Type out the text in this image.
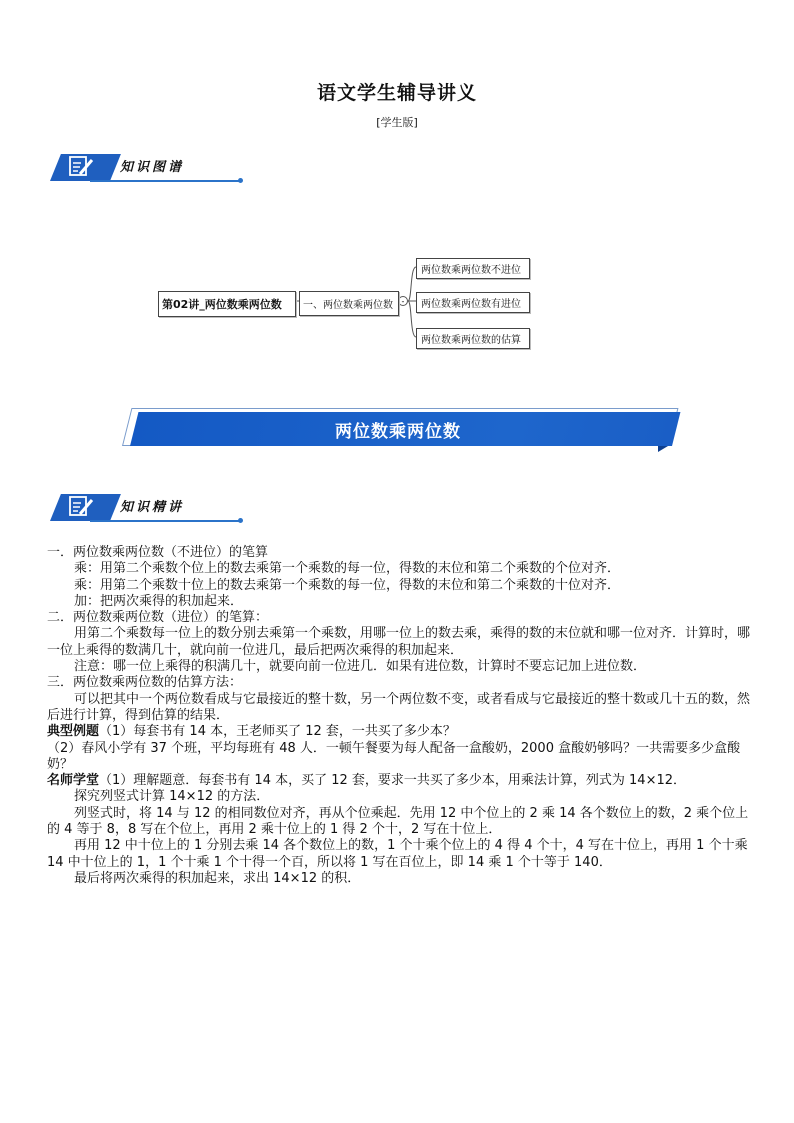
语文学生辅导讲义
[学生版]
知识图谱
-
第02讲_两位数乘两位数	一、两位数乘两位数
两位数乘两位数不进位
两位数乘两位数有进位
两位数乘两位数的估算
两位数乘两位数
知识精讲

一．两位数乘两位数（不进位）的笔算

乘：用第二个乘数个位上的数去乘第一个乘数的每一位，得数的末位和第二个乘数的个位对齐．

乘：用第二个乘数十位上的数去乘第一个乘数的每一位，得数的末位和第二个乘数的十位对齐．

加：把两次乘得的积加起来．

二．两位数乘两位数（进位）的笔算：

用第二个乘数每一位上的数分别去乘第一个乘数，用哪一位上的数去乘，乘得的数的末位就和哪一位对齐．计算时，哪一位上乘得的数满几十，就向前一位进几，最后把两次乘得的积加起来．

注意：哪一位上乘得的积满几十，就要向前一位进几．如果有进位数，计算时不要忘记加上进位数．

三．两位数乘两位数的估算方法：

可以把其中一个两位数看成与它最接近的整十数，另一个两位数不变，或者看成与它最接近的整十数或几十五的数，然后进行计算，得到估算的结果．

典型例题（1）每套书有 14 本，王老师买了 12 套，一共买了多少本？

（2）春风小学有 37 个班，平均每班有 48 人．一顿午餐要为每人配备一盒酸奶，2000 盒酸奶够吗？一共需要多少盒酸奶？

名师学堂（1）理解题意．每套书有 14 本，买了 12 套，要求一共买了多少本，用乘法计算，列式为 14×12．

探究列竖式计算 14×12 的方法．

列竖式时，将 14 与 12 的相同数位对齐，再从个位乘起．先用 12 中个位上的 2 乘 14 各个数位上的数，2 乘个位上的 4 等于 8，8 写在个位上，再用 2 乘十位上的 1 得 2 个十，2 写在十位上．

再用 12 中十位上的 1 分别去乘 14 各个数位上的数，1 个十乘个位上的 4 得 4 个十，4 写在十位上，再用 1 个十乘 14 中十位上的 1，1 个十乘 1 个十得一个百，所以将 1 写在百位上，即 14 乘 1 个十等于 140．

最后将两次乘得的积加起来，求出 14×12 的积．
